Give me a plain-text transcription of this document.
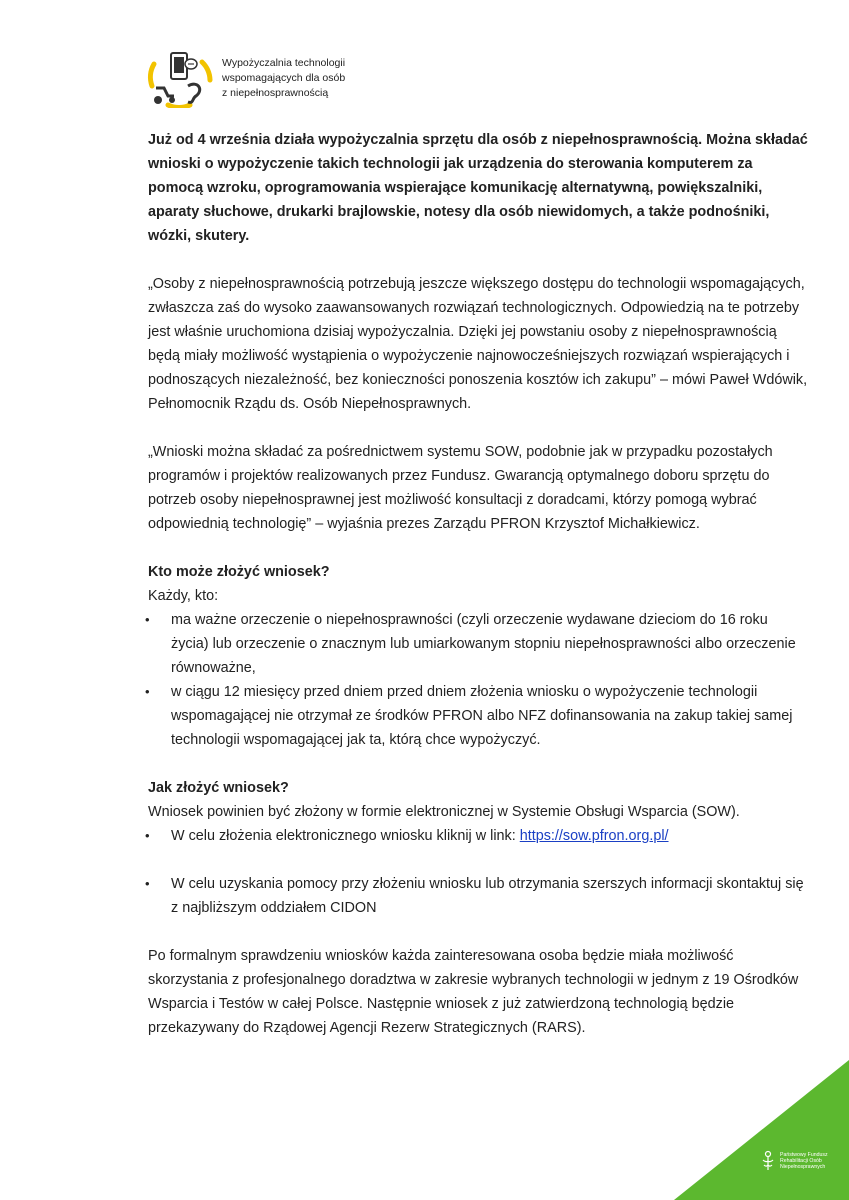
Wypożyczalnia technologii
wspomagających dla osób
z niepełnosprawnością

Już od 4 września działa wypożyczalnia sprzętu dla osób z niepełnosprawnością. Można składać wnioski o wypożyczenie takich technologii jak urządzenia do sterowania komputerem za pomocą wzroku, oprogramowania wspierające komunikację alternatywną, powiększalniki, aparaty słuchowe, drukarki brajlowskie, notesy dla osób niewidomych, a także podnośniki, wózki, skutery.

„Osoby z niepełnosprawnością potrzebują jeszcze większego dostępu do technologii wspomagających, zwłaszcza zaś do wysoko zaawansowanych rozwiązań technologicznych. Odpowiedzią na te potrzeby jest właśnie uruchomiona dzisiaj wypożyczalnia. Dzięki jej powstaniu osoby z niepełnosprawnością będą miały możliwość wystąpienia o wypożyczenie najnowocześniejszych rozwiązań wspierających i podnoszących niezależność, bez konieczności ponoszenia kosztów ich zakupu” – mówi Paweł Wdówik, Pełnomocnik Rządu ds. Osób Niepełnosprawnych.

„Wnioski można składać za pośrednictwem systemu SOW, podobnie jak w przypadku pozostałych programów i projektów realizowanych przez Fundusz. Gwarancją optymalnego doboru sprzętu do potrzeb osoby niepełnosprawnej jest możliwość konsultacji z doradcami, którzy pomogą wybrać odpowiednią technologię” – wyjaśnia prezes Zarządu PFRON Krzysztof Michałkiewicz.

Kto może złożyć wniosek?
Każdy, kto:
• ma ważne orzeczenie o niepełnosprawności (czyli orzeczenie wydawane dzieciom do 16 roku życia) lub orzeczenie o znacznym lub umiarkowanym stopniu niepełnosprawności albo orzeczenie równoważne,
• w ciągu 12 miesięcy przed dniem przed dniem złożenia wniosku o wypożyczenie technologii wspomagającej nie otrzymał ze środków PFRON albo NFZ dofinansowania na zakup takiej samej technologii wspomagającej jak ta, którą chce wypożyczyć.
Jak złożyć wniosek?
Wniosek powinien być złożony w formie elektronicznej w Systemie Obsługi Wsparcia (SOW).
• W celu złożenia elektronicznego wniosku kliknij w link: https://sow.pfron.org.pl/
• W celu uzyskania pomocy przy złożeniu wniosku lub otrzymania szerszych informacji skontaktuj się z najbliższym oddziałem CIDON

Po formalnym sprawdzeniu wniosków każda zainteresowana osoba będzie miała możliwość skorzystania z profesjonalnego doradztwa w zakresie wybranych technologii w jednym z 19 Ośrodków Wsparcia i Testów w całej Polsce. Następnie wniosek z już zatwierdzoną technologią będzie przekazywany do Rządowej Agencji Rezerw Strategicznych (RARS).

Państwowy Fundusz
Rehabilitacji Osób
Niepełnosprawnych
